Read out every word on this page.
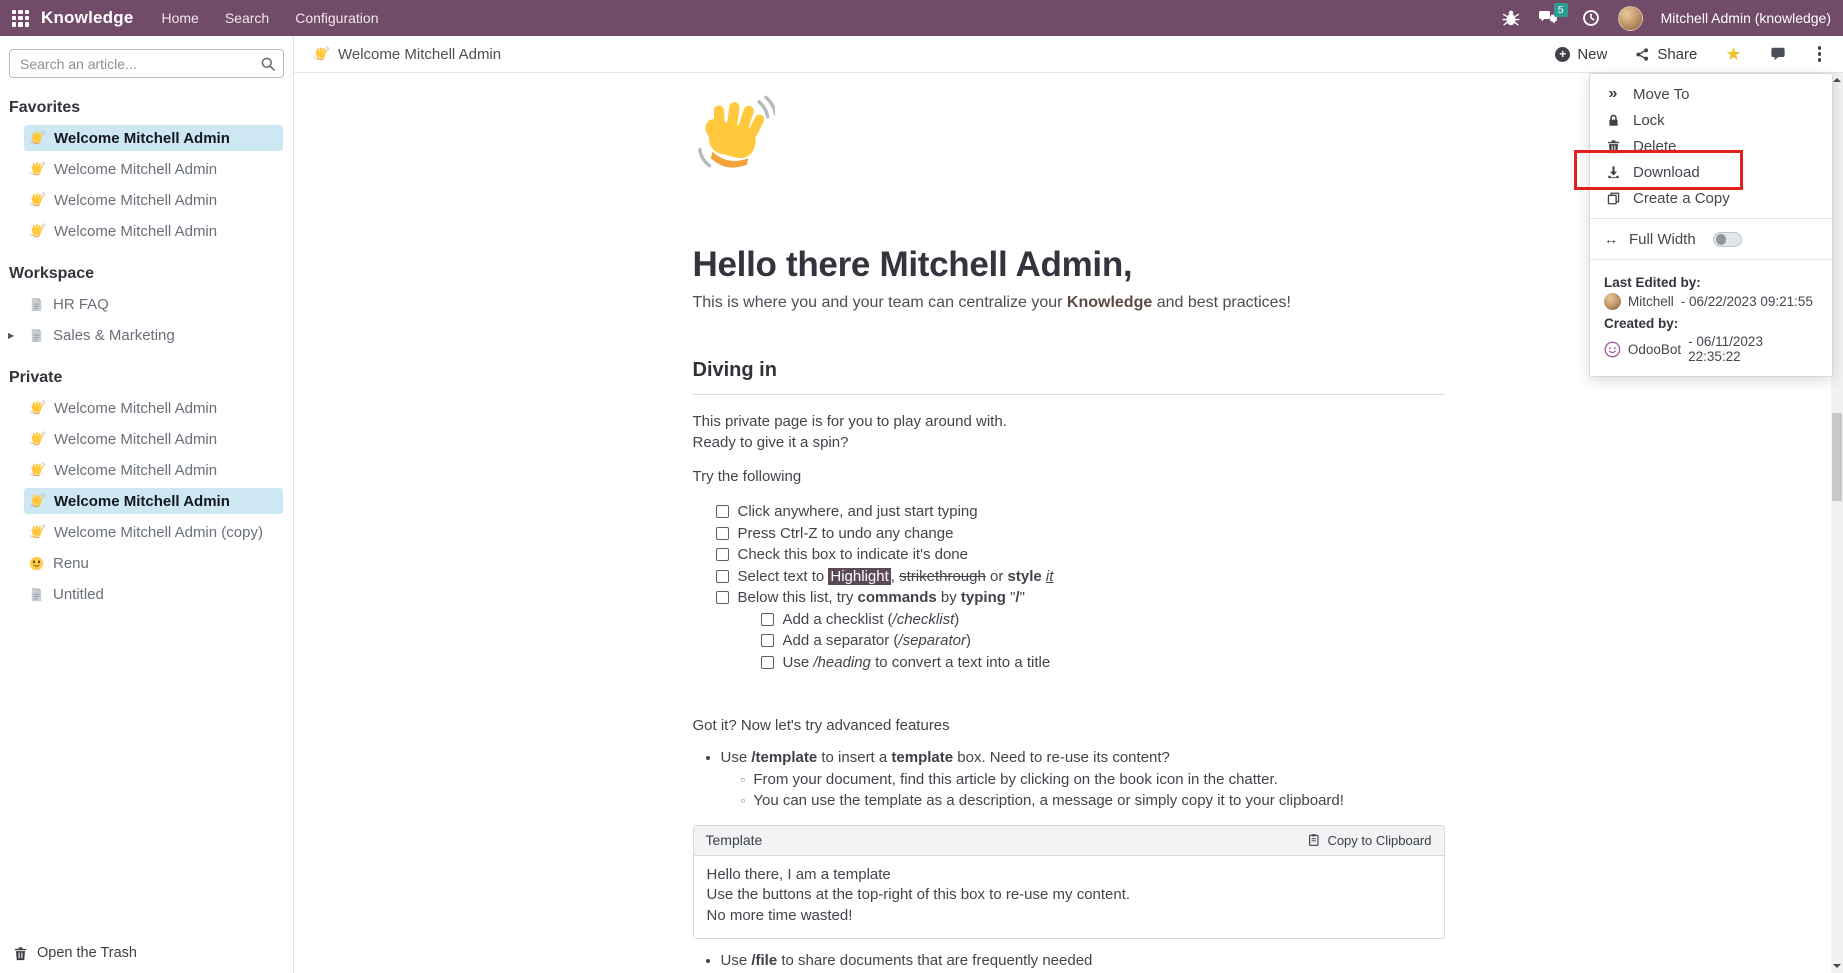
Knowledge Home Search Configuration	5	Mitchell Admin (knowledge)
Search an article...
Favorites
Welcome Mitchell Admin
Welcome Mitchell Admin
Welcome Mitchell Admin
Welcome Mitchell Admin
Workspace
HR FAQ
▶	Sales & Marketing
Private
Welcome Mitchell Admin
Welcome Mitchell Admin
Welcome Mitchell Admin
Welcome Mitchell Admin
Welcome Mitchell Admin (copy)
Renu
Untitled
Open the Trash
Welcome Mitchell Admin	+ New	Share ★
Hello there Mitchell Admin,

This is where you and your team can centralize your Knowledge and best practices!

Diving in

This private page is for you to play around with.
Ready to give it a spin?

Try the following

Click anywhere, and just start typing
Press Ctrl-Z to undo any change
Check this box to indicate it's done
Select text to Highlight , strikethrough or style it
Below this list, try commands by typing "/"
Add a checklist (/checklist)
Add a separator (/separator)
Use /heading to convert a text into a title

Got it? Now let's try advanced features

• Use /template to insert a template box. Need to re-use its content?
○ From your document, find this article by clicking on the book icon in the chatter.
○ You can use the template as a description, a message or simply copy it to your clipboard!
Template	Copy to Clipboard
Hello there, I am a template
Use the buttons at the top-right of this box to re-use my content.
No more time wasted!
• Use /file to share documents that are frequently needed
»	Move To
Lock
Delete
Download
Create a Copy
↔ Full Width
Last Edited by:
Mitchell - 06/22/2023 09:21:55
Created by:
OdooBot - 06/11/2023 22:35:22
